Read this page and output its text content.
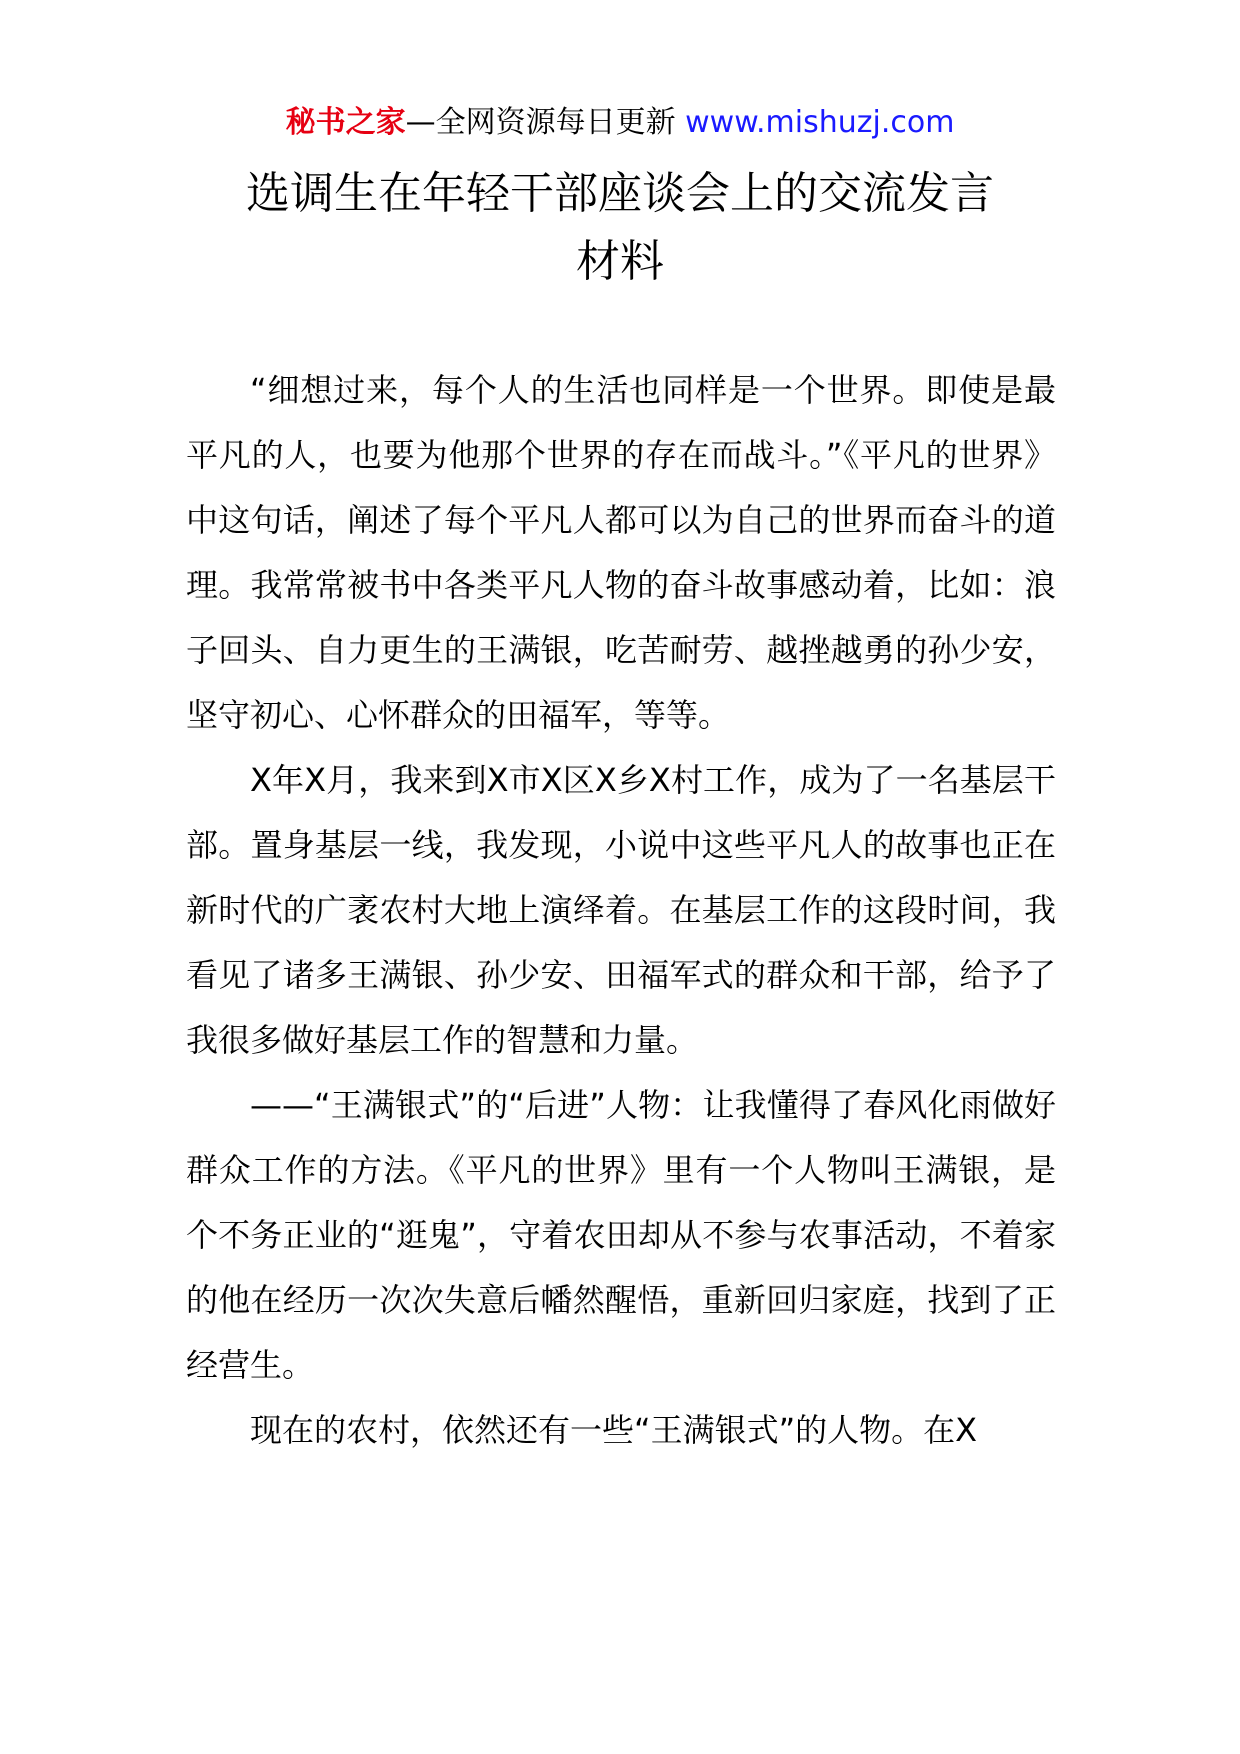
秘书之家—全网资源每日更新 www.mishuzj.com
选调生在年轻干部座谈会上的交流发言
材料

“细想过来，每个人的生活也同样是一个世界。即使是最平凡的人，也要为他那个世界的存在而战斗。”《平凡的世界》中这句话，阐述了每个平凡人都可以为自己的世界而奋斗的道理。我常常被书中各类平凡人物的奋斗故事感动着，比如：浪子回头、自力更生的王满银，吃苦耐劳、越挫越勇的孙少安，坚守初心、心怀群众的田福军，等等。

X年X月，我来到X市X区X乡X村工作，成为了一名基层干部。置身基层一线，我发现，小说中这些平凡人的故事也正在新时代的广袤农村大地上演绎着。在基层工作的这段时间，我看见了诸多王满银、孙少安、田福军式的群众和干部，给予了我很多做好基层工作的智慧和力量。

——“王满银式”的“后进”人物：让我懂得了春风化雨做好群众工作的方法。《平凡的世界》里有一个人物叫王满银，是个不务正业的“逛鬼”，守着农田却从不参与农事活动，不着家的他在经历一次次失意后幡然醒悟，重新回归家庭，找到了正经营生。

现在的农村，依然还有一些“王满银式”的人物。在X
